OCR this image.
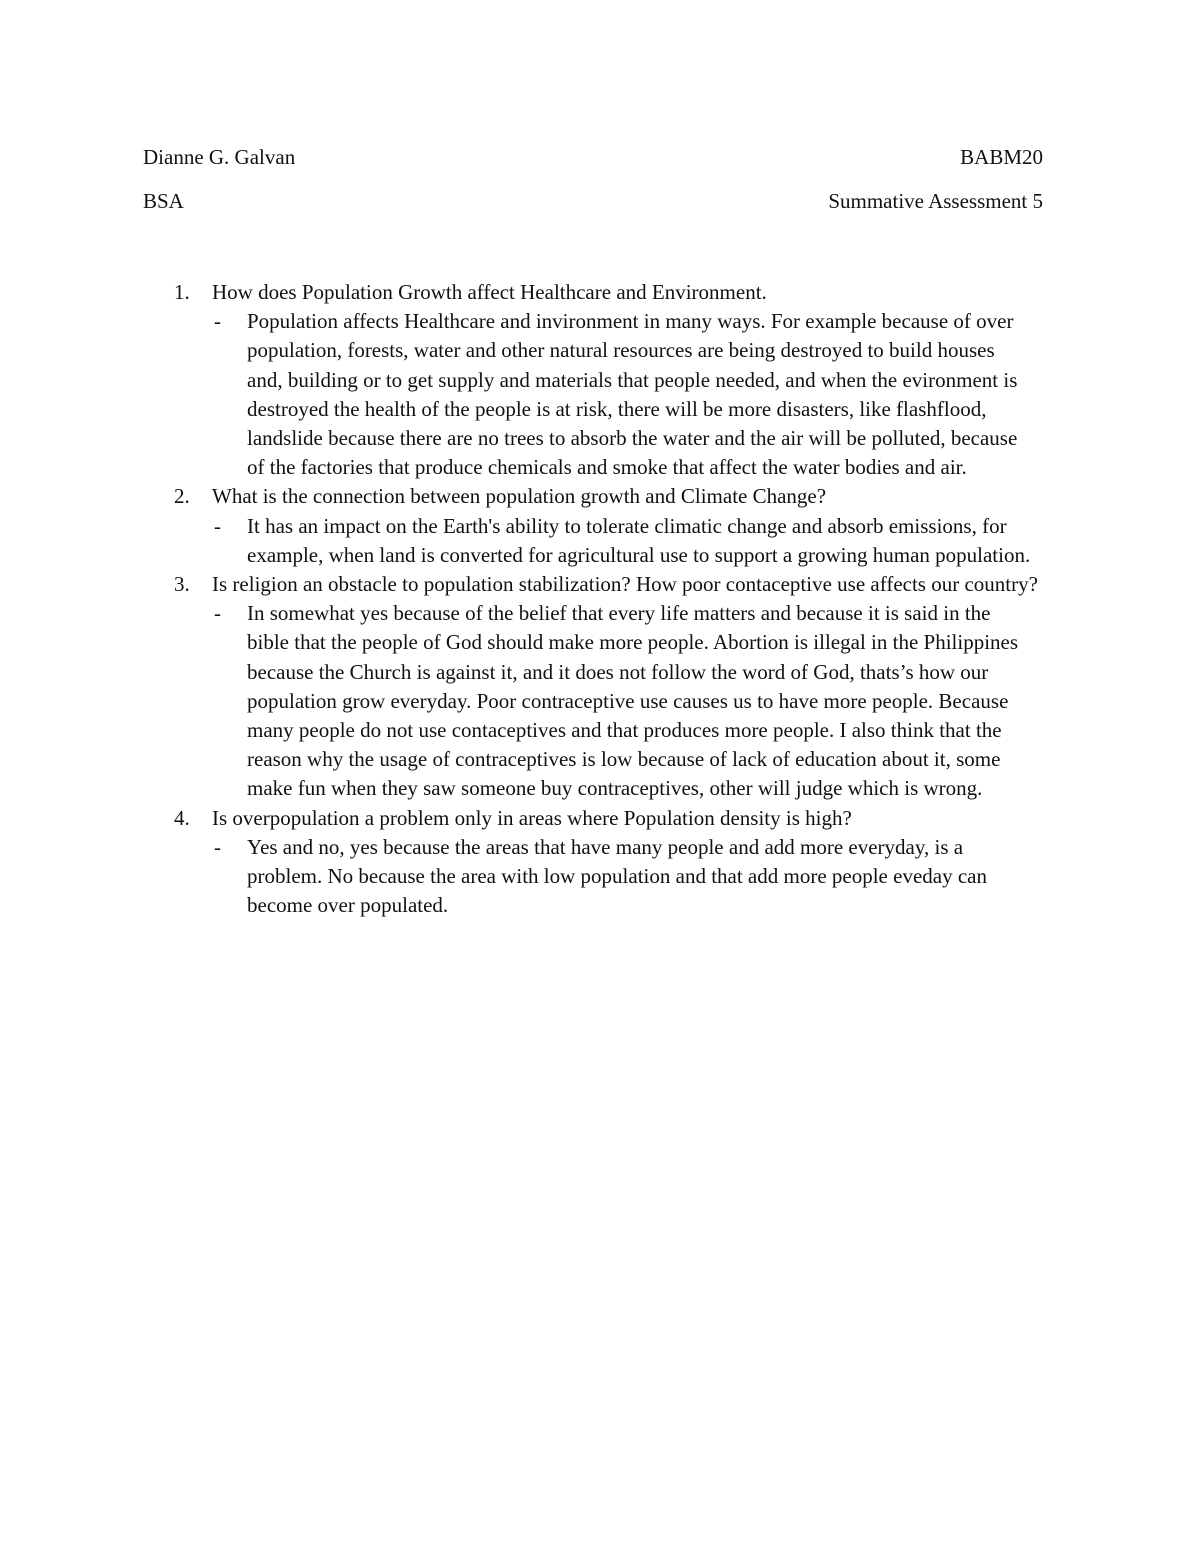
Dianne G. Galvan	BABM20
BSA	Summative Assessment 5
1. How does Population Growth affect Healthcare and Environment.
- Population affects Healthcare and invironment in many ways. For example because of over population, forests, water and other natural resources are being destroyed to build houses and, building or to get supply and materials that people needed, and when the evironment is destroyed the health of the people is at risk, there will be more disasters, like flashflood, landslide because there are no trees to absorb the water and the air will be polluted, because of the factories that produce chemicals and smoke that affect the water bodies and air.
2. What is the connection between population growth and Climate Change?
- It has an impact on the Earth's ability to tolerate climatic change and absorb emissions, for example, when land is converted for agricultural use to support a growing human population.
3. Is religion an obstacle to population stabilization? How poor contaceptive use affects our country?
- In somewhat yes because of the belief that every life matters and because it is said in the bible that the people of God should make more people. Abortion is illegal in the Philippines because the Church is against it, and it does not follow the word of God, thats’s how our population grow everyday. Poor contraceptive use causes us to have more people. Because many people do not use contaceptives and that produces more people. I also think that the reason why the usage of contraceptives is low because of lack of education about it, some make fun when they saw someone buy contraceptives, other will judge which is wrong.
4. Is overpopulation a problem only in areas where Population density is high?
- Yes and no, yes because the areas that have many people and add more everyday, is a problem. No because the area with low population and that add more people eveday can become over populated.
